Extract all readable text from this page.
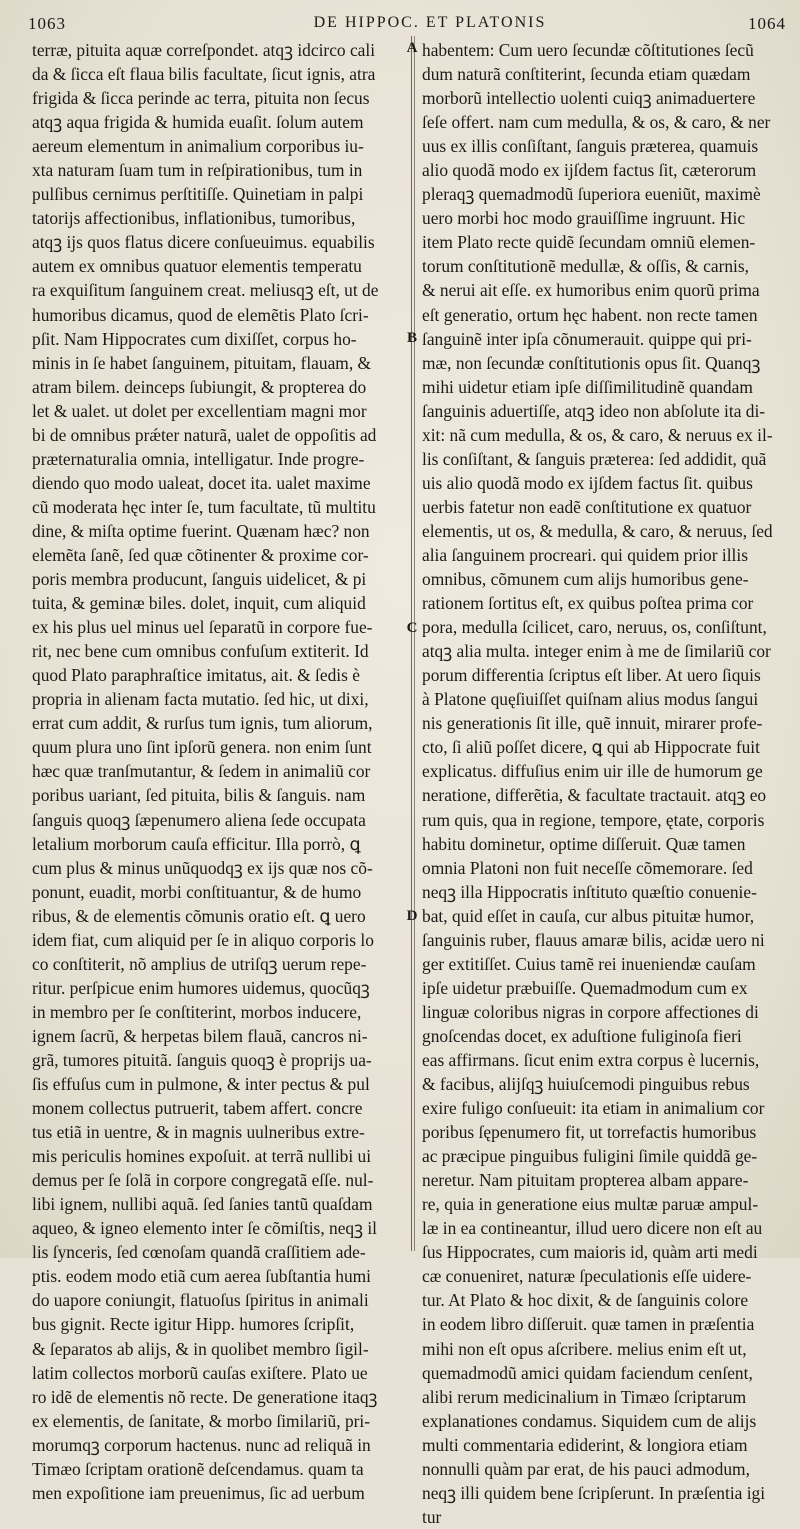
1063	DE HIPPOC. ET PLATONIS	1064
A
B
C
D
terræ, pituita aquæ correſpondet. atqꝫ idcirco cali
da & ſicca eſt flaua bilis facultate, ſicut ignis, atra
frigida & ſicca perinde ac terra, pituita non ſecus
atqꝫ aqua frigida & humida euaſit. ſolum autem
aereum elementum in animalium corporibus iu-
xta naturam ſuam tum in reſpirationibus, tum in
pulſibus cernimus perſtitiſſe. Quinetiam in palpi
tatorijs affectionibus, inflationibus, tumoribus,
atqꝫ ijs quos flatus dicere conſueuimus. equabilis
autem ex omnibus quatuor elementis temperatu
ra exquiſitum ſanguinem creat. meliusqꝫ eſt, ut de
humoribus dicamus, quod de elemẽtis Plato ſcri-
pſit. Nam Hippocrates cum dixiſſet, corpus ho-
minis in ſe habet ſanguinem, pituitam, flauam, &
atram bilem. deinceps ſubiungit, & propterea do
let & ualet. ut dolet per excellentiam magni mor
bi de omnibus prǽter naturã, ualet de oppoſitis ad
præternaturalia omnia, intelligatur. Inde progre-
diendo quo modo ualeat, docet ita. ualet maxime
cũ moderata hęc inter ſe, tum facultate, tũ multitu
dine, & miſta optime fuerint. Quænam hæc? non
elemẽta ſanẽ, ſed quæ cõtinenter & proxime cor-
poris membra producunt, ſanguis uidelicet, & pi
tuita, & geminæ biles. dolet, inquit, cum aliquid
ex his plus uel minus uel ſeparatũ in corpore fue-
rit, nec bene cum omnibus confuſum extiterit. Id
quod Plato paraphraſtice imitatus, ait. & ſedis è
propria in alienam facta mutatio. ſed hic, ut dixi,
errat cum addit, & rurſus tum ignis, tum aliorum,
quum plura uno ſint ipſorũ genera. non enim ſunt
hæc quæ tranſmutantur, & ſedem in animaliũ cor
poribus uariant, ſed pituita, bilis & ſanguis. nam
ſanguis quoqꝫ ſæpenumero aliena ſede occupata
letalium morborum cauſa efficitur. Illa porrò, ꝗ
cum plus & minus unũquodqꝫ ex ijs quæ nos cõ-
ponunt, euadit, morbi conſtituantur, & de humo
ribus, & de elementis cõmunis oratio eſt. ꝗ uero
idem fiat, cum aliquid per ſe in aliquo corporis lo
co conſtiterit, nõ amplius de utriſqꝫ uerum repe-
ritur. perſpicue enim humores uidemus, quocũqꝫ
in membro per ſe conſtiterint, morbos inducere,
ignem ſacrũ, & herpetas bilem flauã, cancros ni-
grã, tumores pituitã. ſanguis quoqꝫ è proprijs ua-
ſis effuſus cum in pulmone, & inter pectus & pul
monem collectus putruerit, tabem affert. concre
tus etiã in uentre, & in magnis uulneribus extre-
mis periculis homines expoſuit. at terrã nullibi ui
demus per ſe ſolã in corpore congregatã eſſe. nul-
libi ignem, nullibi aquã. ſed ſanies tantũ quaſdam
aqueo, & igneo elemento inter ſe cõmiſtis, neqꝫ il
lis ſynceris, ſed cœnoſam quandã craſſitiem ade-
ptis. eodem modo etiã cum aerea ſubſtantia humi
do uapore coniungit, flatuoſus ſpiritus in animali
bus gignit. Recte igitur Hipp. humores ſcripſit,
& ſeparatos ab alijs, & in quolibet membro ſigil-
latim collectos morborũ cauſas exiſtere. Plato ue
ro idẽ de elementis nõ recte. De generatione itaqꝫ
ex elementis, de ſanitate, & morbo ſimilariũ, pri-
morumqꝫ corporum hactenus. nunc ad reliquã in
Timæo ſcriptam orationẽ deſcendamus. quam ta
men expoſitione iam preuenimus, ſic ad uerbum
habentem: Cum uero ſecundæ cõſtitutiones ſecũ
dum naturã conſtiterint, ſecunda etiam quædam
morborũ intellectio uolenti cuiqꝫ animaduertere
ſeſe offert. nam cum medulla, & os, & caro, & ner
uus ex illis conſiſtant, ſanguis præterea, quamuis
alio quodã modo ex ijſdem factus ſit, cæterorum
pleraqꝫ quemadmodũ ſuperiora eueniũt, maximè
uero morbi hoc modo grauiſſime ingruunt. Hic
item Plato recte quidẽ ſecundam omniũ elemen-
torum conſtitutionẽ medullæ, & oſſis, & carnis,
& nerui ait eſſe. ex humoribus enim quorũ prima
eſt generatio, ortum hęc habent. non recte tamen
ſanguinẽ inter ipſa cõnumerauit. quippe qui pri-
mæ, non ſecundæ conſtitutionis opus ſit. Quanqꝫ
mihi uidetur etiam ipſe diſſimilitudinẽ quandam
ſanguinis aduertiſſe, atqꝫ ideo non abſolute ita di-
xit: nã cum medulla, & os, & caro, & neruus ex il-
lis conſiſtant, & ſanguis præterea: ſed addidit, quã
uis alio quodã modo ex ijſdem factus ſit. quibus
uerbis fatetur non eadẽ conſtitutione ex quatuor
elementis, ut os, & medulla, & caro, & neruus, ſed
alia ſanguinem procreari. qui quidem prior illis
omnibus, cõmunem cum alijs humoribus gene-
rationem ſortitus eſt, ex quibus poſtea prima cor
pora, medulla ſcilicet, caro, neruus, os, conſiſtunt,
atqꝫ alia multa. integer enim à me de ſimilariũ cor
porum differentia ſcriptus eſt liber. At uero ſiquis
à Platone quęſiuiſſet quiſnam alius modus ſangui
nis generationis ſit ille, quẽ innuit, mirarer profe-
cto, ſi aliũ poſſet dicere, ꝗ qui ab Hippocrate fuit
explicatus. diffuſius enim uir ille de humorum ge
neratione, differẽtia, & facultate tractauit. atqꝫ eo
rum quis, qua in regione, tempore, ętate, corporis
habitu dominetur, optime diſſeruit. Quæ tamen
omnia Platoni non fuit neceſſe cõmemorare. ſed
neqꝫ illa Hippocratis inſtituto quæſtio conuenie-
bat, quid eſſet in cauſa, cur albus pituitæ humor,
ſanguinis ruber, flauus amaræ bilis, acidæ uero ni
ger extitiſſet. Cuius tamẽ rei inueniendæ cauſam
ipſe uidetur præbuiſſe. Quemadmodum cum ex
linguæ coloribus nigras in corpore affectiones di
gnoſcendas docet, ex aduſtione fuliginoſa fieri
eas affirmans. ſicut enim extra corpus è lucernis,
& facibus, alijſqꝫ huiuſcemodi pinguibus rebus
exire fuligo conſueuit: ita etiam in animalium cor
poribus ſępenumero fit, ut torrefactis humoribus
ac præcipue pinguibus fuligini ſimile quiddã ge-
neretur. Nam pituitam propterea albam appare-
re, quia in generatione eius multæ paruæ ampul-
læ in ea contineantur, illud uero dicere non eſt au
ſus Hippocrates, cum maioris id, quàm arti medi
cæ conueniret, naturæ ſpeculationis eſſe uidere-
tur. At Plato & hoc dixit, & de ſanguinis colore
in eodem libro diſſeruit. quæ tamen in præſentia
mihi non eſt opus aſcribere. melius enim eſt ut,
quemadmodũ amici quidam faciendum cenſent,
alibi rerum medicinalium in Timæo ſcriptarum
explanationes condamus. Siquidem cum de alijs
multi commentaria ediderint, & longiora etiam
nonnulli quàm par erat, de his pauci admodum,
neqꝫ illi quidem bene ſcripſerunt. In præſentia igi
tur
